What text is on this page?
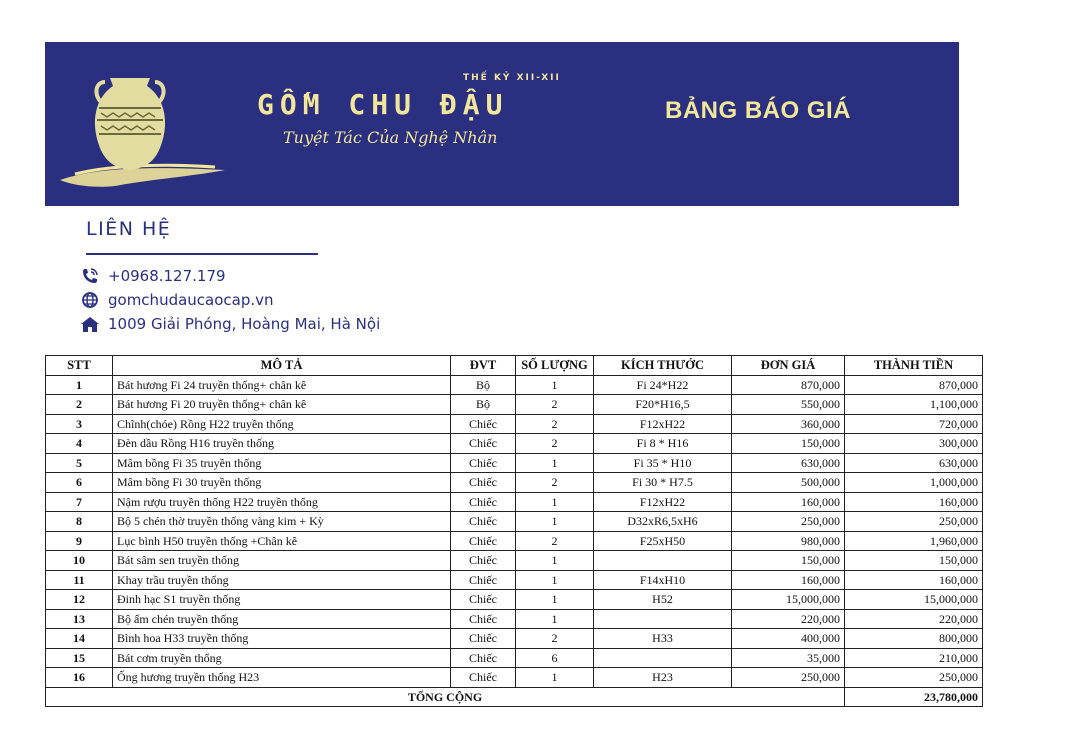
THẾ KỶ XII-XII
GỐM CHU ĐẬU
Tuyệt Tác Của Nghệ Nhân
BẢNG BÁO GIÁ
LIÊN HỆ
+0968.127.179
gomchudaucaocap.vn
1009 Giải Phóng, Hoàng Mai, Hà Nội
STT	MÔ TẢ	ĐVT	SỐ LƯỢNG	KÍCH THƯỚC	ĐƠN GIÁ	THÀNH TIỀN
1	Bát hương Fi 24 truyền thống+ chân kê	Bộ	1	Fi 24*H22	870,000	870,000
2	Bát hương Fi 20 truyền thống+ chân kê	Bộ	2	F20*H16,5	550,000	1,100,000
3	Chĩnh(chóe) Rồng H22 truyền thống	Chiếc	2	F12xH22	360,000	720,000
4	Đèn dầu Rồng H16 truyền thống	Chiếc	2	Fi 8 * H16	150,000	300,000
5	Mâm bồng Fi 35 truyền thống	Chiếc	1	Fi 35 * H10	630,000	630,000
6	Mâm bồng Fi 30 truyền thống	Chiếc	2	Fi 30 * H7.5	500,000	1,000,000
7	Nậm rượu truyền thống H22 truyền thống	Chiếc	1	F12xH22	160,000	160,000
8	Bộ 5 chén thờ truyền thống vàng kim + Kỳ	Chiếc	1	D32xR6,5xH6	250,000	250,000
9	Lục bình H50 truyền thống +Chân kê	Chiếc	2	F25xH50	980,000	1,960,000
10	Bát sâm sen truyền thống	Chiếc	1		150,000	150,000
11	Khay trầu truyền thống	Chiếc	1	F14xH10	160,000	160,000
12	Đinh hạc S1 truyền thống	Chiếc	1	H52	15,000,000	15,000,000
13	Bộ ấm chén truyền thống	Chiếc	1		220,000	220,000
14	Bình hoa H33 truyền thống	Chiếc	2	H33	400,000	800,000
15	Bát cơm truyền thống	Chiếc	6		35,000	210,000
16	Ống hương truyền thống H23	Chiếc	1	H23	250,000	250,000
TỔNG CỘNG						23,780,000
